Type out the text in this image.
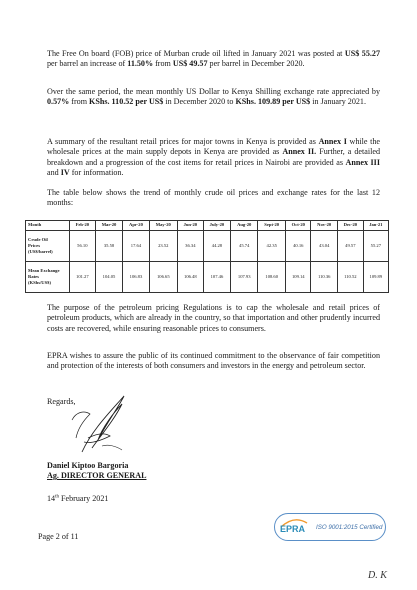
The Free On board (FOB) price of Murban crude oil lifted in January 2021 was posted at US$ 55.27 per barrel an increase of 11.50% from US$ 49.57 per barrel in December 2020.
Over the same period, the mean monthly US Dollar to Kenya Shilling exchange rate appreciated by 0.57% from KShs. 110.52 per US$ in December 2020 to KShs. 109.89 per US$ in January 2021.
A summary of the resultant retail prices for major towns in Kenya is provided as Annex I while the wholesale prices at the main supply depots in Kenya are provided as Annex II. Further, a detailed breakdown and a progression of the cost items for retail prices in Nairobi are provided as Annex III and IV for information.
The table below shows the trend of monthly crude oil prices and exchange rates for the last 12 months:
Month	Feb-20	Mar-20	Apr-20	May-20	Jun-20	July-20	Aug-20	Sept-20	Oct-20	Nov-20	Dec-20	Jan-21
Crude Oil
Prices
(US$/barrel)	56.10	35.58	17.64	23.52	36.34	44.28	45.74	42.35	40.16	43.04	49.57	55.27
Mean Exchange
Rates
(KShs/US$)	101.27	104.05	106.83	106.65	106.48	107.46	107.93	108.60	109.14	110.36	110.52	109.89
The purpose of the petroleum pricing Regulations is to cap the wholesale and retail prices of petroleum products, which are already in the country, so that importation and other prudently incurred costs are recovered, while ensuring reasonable prices to consumers.
EPRA wishes to assure the public of its continued commitment to the observance of fair competition and protection of the interests of both consumers and investors in the energy and petroleum sector.
Regards,
Daniel Kiptoo Bargoria
Ag. DIRECTOR GENERAL
14th February 2021
Page 2 of 11
EPRA ISO 9001:2015 Certified
D. K
